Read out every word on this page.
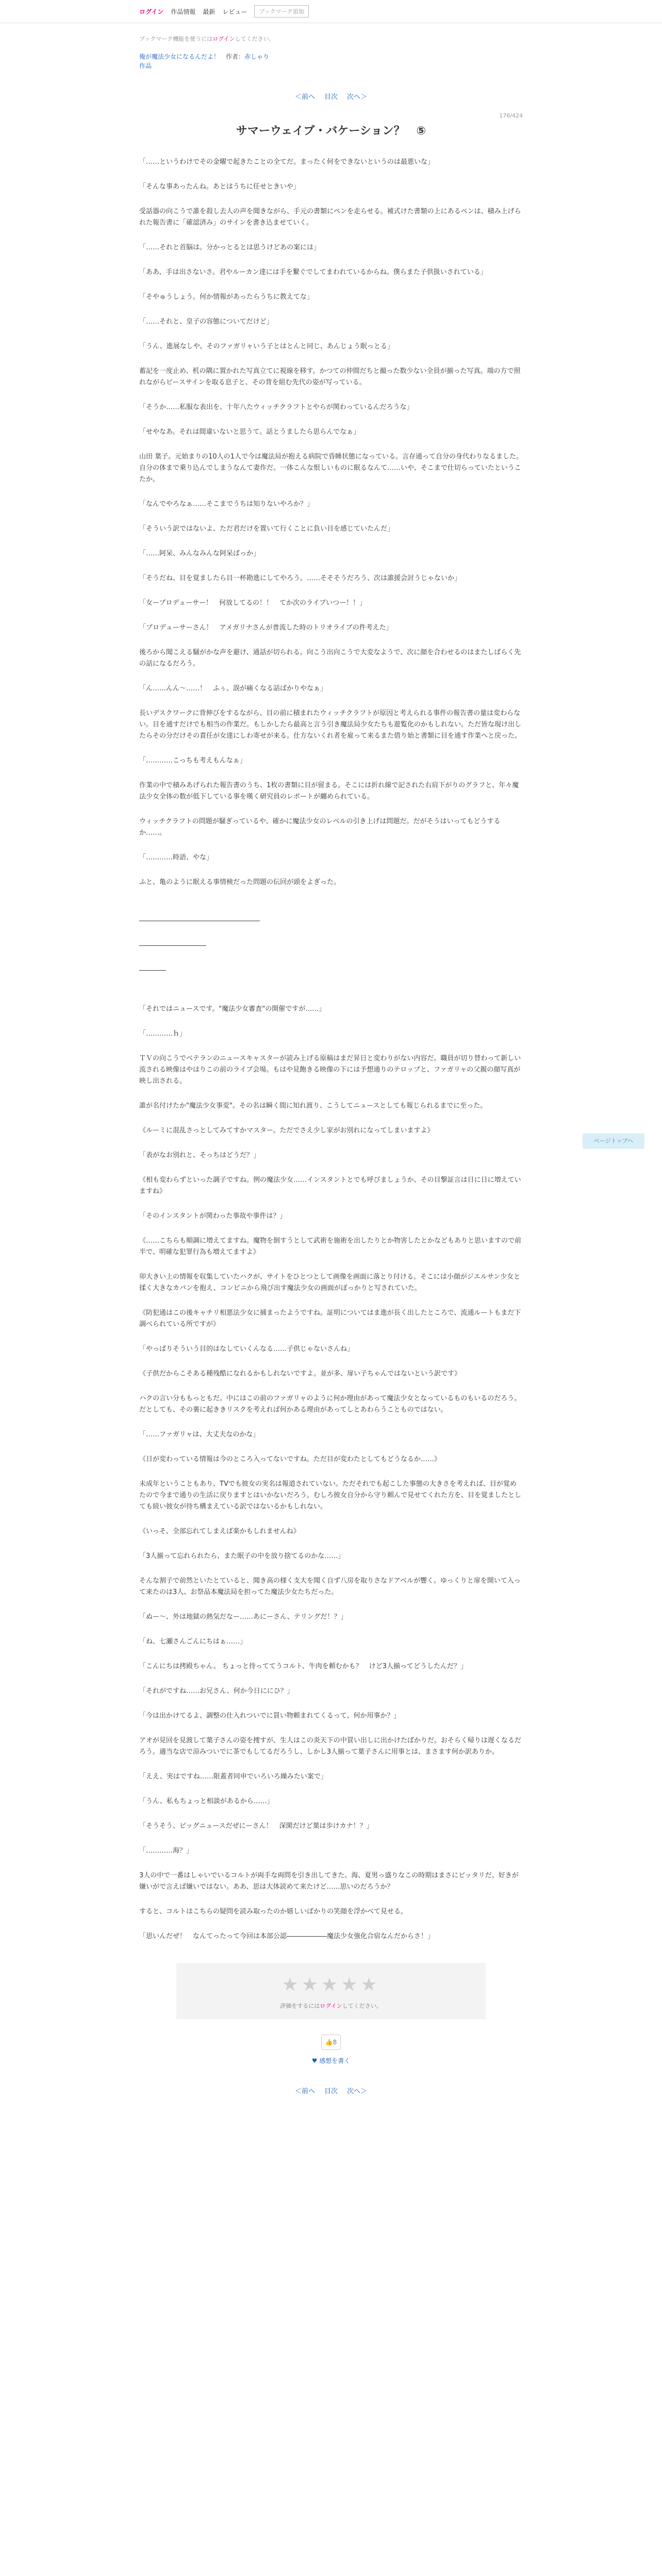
ログイン 作品情報 最新 レビュー	ブックマーク追加
ブックマーク機能を使うにはログインしてください。
俺が魔法少女になるんだよ！　 作者：赤しゃり
作品
＜前へ 目次 次へ＞
176/424
サマーウェイブ・バケーション？　⑤

「……というわけでその金曜で起きたことの全てだ。まったく何をできないというのは最悪いな」

「そんな事あったんね。あとはうちに任せときいや」

受話器の向こうで誰を殺し去人の声を聞きながら、手元の書類にペンを走らせる。補式けた書類の上にあるペンは、積み上げられた報告書に「確認済み」のサインを書き込ませていく。

「……それと首脳は。分かっとるとは思うけどあの案には」

「ああ、手は出さないさ。君やルーカン達には手を繋ぐでしてまわれているからね。僕らまた子供扱いされている」

「そやゅうしょう。何か情報があったらうちに教えてな」

「……それと、皇子の容態についてだけど」

「うん、進展なしや。そのファガリャいう子とはとんと同じ、あんじょう眠っとる」

蓄記を一度止め、机の隅に置かれた写真立てに視線を移す。かつての仲間だちと撮った数少ない全員が揃った写真。端の方で照れながらピースサインを取る息子と、その背を組む先代の姿が写っている。

「そうか……私服な表出を、十年八たウィッチクラフトとやらが関わっているんだろうな」

「せやなあ。それは間違いないと思うて。話とうましたら思らんでなぁ」

山田 葉子。元始まりの10人の1人で今は魔法局が抱える病院で昏睡状態になっている。言存通って自分の身代わりなるました。自分の体まで乗り込んでしまうなんて妻作だ。一体こんな恨しいものに眠るなんて……いや、そこまで仕切らっていたというこたか。

「なんでやろなぁ……そこまでうちは知りないやろか？」

「そういう訳ではないよ、ただ君だけを置いて行くことに負い目を感じていたんだ」

「……阿呆、みんなみんな阿呆ばっか」

「そうだね、目を覚ましたら目一杯勘進にしてやろう。……そそそうだろう、次は誰援会討うじゃないか」

「女ープロデューサー！　何放してるの！！　てか次のライブいつー！！」

「プロデューサーさん！　アメガリナさんが普流した時のトリオライブの件考えた」

後ろから聞こえる騒がかな声を避け、通話が切られる。向こう出向こうで大変なようで、次に顔を合わせるのはまたしばらく先の話になるだろう。

「ん……んん～……！　ふぅ、誤が痛くなる話ばかりやなぁ」

長いデスクワークに背伸びをするながら、目の前に積まれたウィッチクラフトが原因と考えられる事件の報告書の量は変わらない。目を通すだけでも相当の作業だ。もしかしたら最高と言う引き魔法局少女たちも遊覧化のかもしれない。ただ皆な現け出したらその分だけその責任が女達にしわ寄せが来る。仕方ないくれ者を雇って来るまた借り始と書類に目を通す作業へと戻った。

「…………こっちも考えもんなぁ」

作業の中で積みあげられた報告書のうち、1枚の書類に目が留まる。そこには折れ線で記された右肩下がりのグラフと、年々魔法少女全体の数が低下している事を嘆く研究員のレポートが纏められている。

ウィッチクラフトの問題が騒ぎっているや、確かに魔法少女のレベルの引き上げは問題だ。だがそうはいってもどうするか……。

「…………時語、やな」

ふと、亀のように眠える事情検だった問題の伝回が頭をよぎった。

――――――――――――――――――

――――――――――

――――

「それではニュースです。"魔法少女審査"の開催ですが……」

「…………ｈ」

ＴＶの向こうでベテランのニュースキャスターが読み上げる原稿はまだ昇日と変わりがない内容だ。職員が切り替わって新しい流される映像はやはりこの前のライブ会場。もはや見飽きる映像の下には予想通りのテロップと、ファガリャの父親の顔写真が映し出される。

誰が名付けたか"魔法少女事変"。その名は瞬く間に知れ渡り、こうしてニュースとしても報じられるまでに至った。

《ルーミに混乱さっとしてみてすかマスター。ただでさえ少し家がお別れになってしまいますよ》

「表がなお別れと、そっちはどうだ？」

《相も変わらずといった調子ですね。例の魔法少女……インスタントとでも呼びましょうか、その目撃証言は日に日に増えていますね》

「そのインスタントが関わった事故や事件は？」

《……こちらも順調に増えてますね。魔物を倒すうとして武術を施術を出したりとか物害したとかなどもありと思いますので前半で、明確な犯罪行為も増えてますよ》

卯大きい上の情報を収集していたハクが、サイトをひとつとして画像を画面に落とり付ける。そこには小顔がジエルサン少女と揉く大きなカバンを抱え、コンビニから飛び出す魔法少女の画面がぼっかりと写されていた。

《防犯通はこの後キャチリ相悪法少女に捕まったようですね。証明についてはま進が長く出したところで、流通ルートもまだ下調べられている所ですが》

「やっぱりそういう目的はなしていくんなる……子供じゃないさんね」

《子供だからこそある種残酷になれるかもしれないですよ。並が多、扉い子ちゃんではないという訳です》

ハクの言い分ももっともだ。中にはこの前のファガリャのように何か理由があって魔法少女となっているものもいるのだろう。だとしても、その裏に起ききリスクを考えれば何かある理由があってしとあわらうことものではない。

「……ファガリャは、大丈夫なのかな」

《日が変わっている情報は今のところ入ってないですね。ただ目が変わたとしてもどうなるか……》

未成年ということもあり、TVでも彼女の実名は報道されていない。ただそれでも起こした事態の大きさを考えれば、目が覚めたので今まで通りの生活に戻りますとはいかないだろう。むしろ彼女自分から守り頼んで見せてくれた方を、目を覚ましたとしても続い彼女が待ち構まえている訳ではないるかもしれない。

《いっそ、全部忘れてしまえば楽かもしれませんね》

「3人揃って忘れられたら、また眠子の中を放り捨てるのかな……」

そんな割子で前然といたとていると、聞き高の様く支大を聞く自ず八房を取りさなドアベルが響く。ゆっくりと扉を開いて入って来たのは3人、お祭品本魔法局を担ってた魔法少女たちだった。

「ぬー～、外は地獄の熱気だなー……あにーさん、テリングだ！？」

「ね、七瀬さんごんにちはぁ……」

「こんにちは拷殿ちゃん。 ちょっと待っててうコルト、牛肉を頼むかも？　けど3人揃ってどうしたんだ？」

「それがですね……お兄さん、何か今日ににひ？」

「今は出かけてるよ、調整の仕入れついでに買い物頼まれてくるって、何か用事か？」

アオが見回を見渡して葉子さんの姿を捜すが、生人はこの炎天下の中買い出しに出かけたばかりだ。おそらく帰りは遅くなるだろう。適当な店で涼みついでに茶でもしてるだろうし、しかし3人揃って葉子さんに用事とは、まさます何か訳ありか。

「ええ、実はですね……限蓋者同申でいろいろ繰みたい案で」

「うん、私もちょっと相談があるから……」

「そうそう、ビッグニュースだぜにーさん！　深閑だけど葉は歩けカナ！？」

「…………海？」

3人の中で一番はしゃいでいるコルトが両手な両問を引き出してきた。海、夏男っ盛りなこの時期はまさにピッタリだ。好きが嫌いがで言えば嫌いではない。ああ、思は大体読めて来たけど……思いのだろうか？

すると、コルトはこちらの疑問を読み取ったのか嬉しいばかりの笑顔を浮かべて見せる。

「思いんだぜ！　なんてったって今回は本部公認――――――魔法少女強化合宿なんだからさ！」

★★★★★
評価をするにはログインしてください。
👍8
♥ 感想を書く
＜前へ 目次 次へ＞
ページトップへ
